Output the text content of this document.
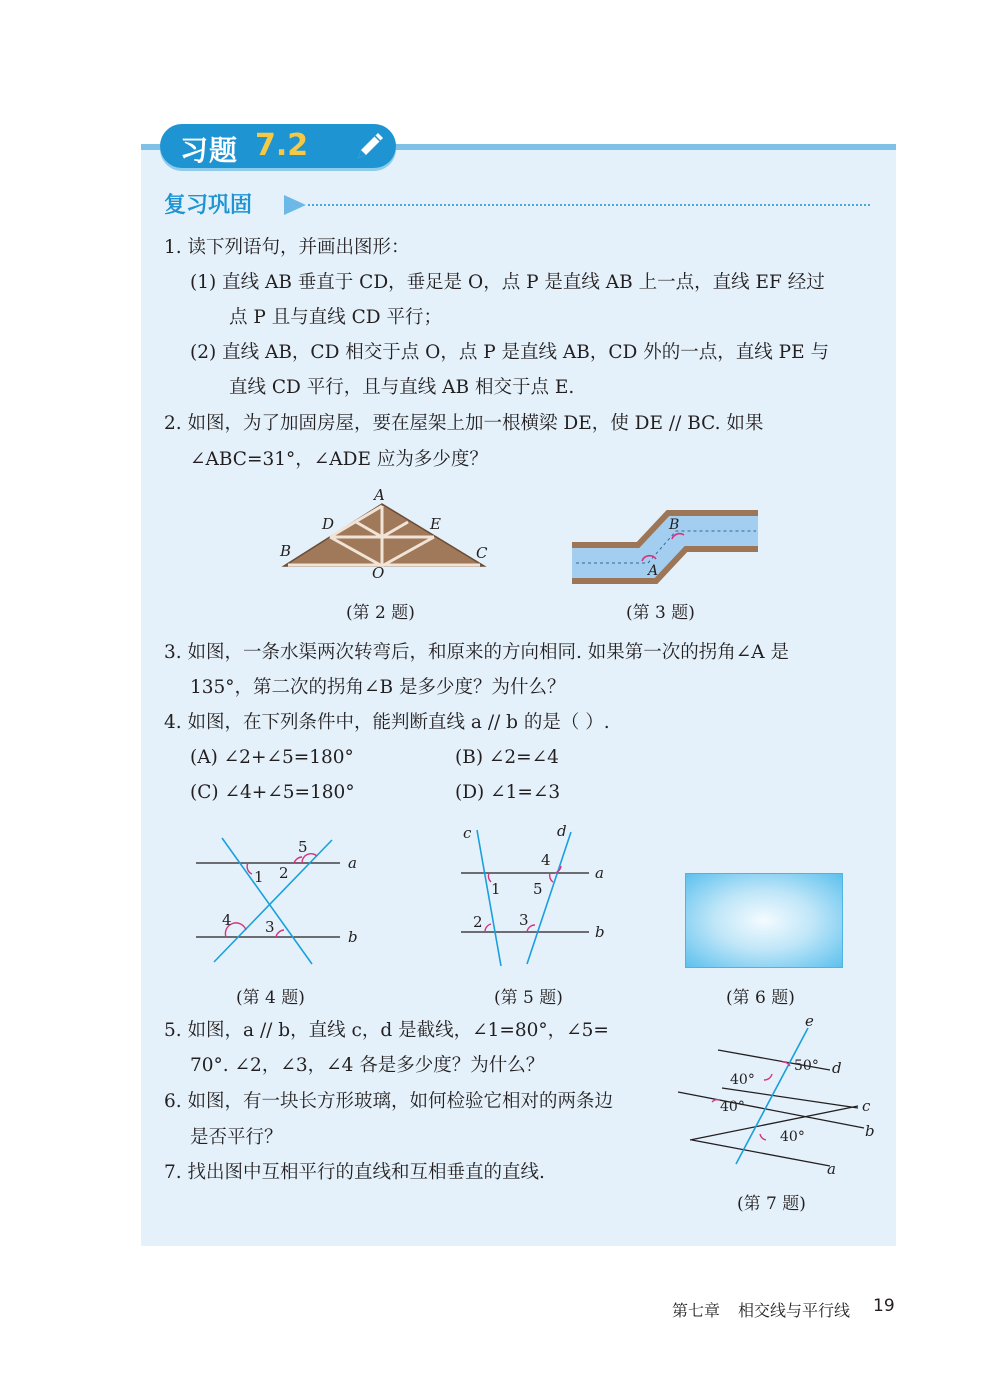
习题 7.2
复习巩固
1. 读下列语句，并画出图形：
(1) 直线 AB 垂直于 CD，垂足是 O，点 P 是直线 AB 上一点，直线 EF 经过
点 P 且与直线 CD 平行；
(2) 直线 AB，CD 相交于点 O，点 P 是直线 AB，CD 外的一点，直线 PE 与
直线 CD 平行，且与直线 AB 相交于点 E.
2. 如图，为了加固房屋，要在屋架上加一根横梁 DE，使 DE // BC. 如果
∠ABC=31°，∠ADE 应为多少度？
A
D	E
B	C
O
(第 2 题)
A
B
(第 3 题)
3. 如图，一条水渠两次转弯后，和原来的方向相同. 如果第一次的拐角∠A 是
135°，第二次的拐角∠B 是多少度？为什么？
4. 如图，在下列条件中，能判断直线 a // b 的是（ ）.
(A) ∠2+∠5=180°	(B) ∠2=∠4
(C) ∠4+∠5=180°	(D) ∠1=∠3
1 2
3
4
5
a
b
(第 4 题)
1
2 3
4
5
c	d
a
b
(第 5 题)	(第 6 题)
5. 如图，a // b，直线 c，d 是截线，∠1=80°，∠5=
70°. ∠2，∠3，∠4 各是多少度？为什么？
6. 如图，有一块长方形玻璃，如何检验它相对的两条边
是否平行？
7. 找出图中互相平行的直线和互相垂直的直线.
40°
50°
40°
40°
e
d
c
b
a
(第 7 题)
第七章 相交线与平行线 19
